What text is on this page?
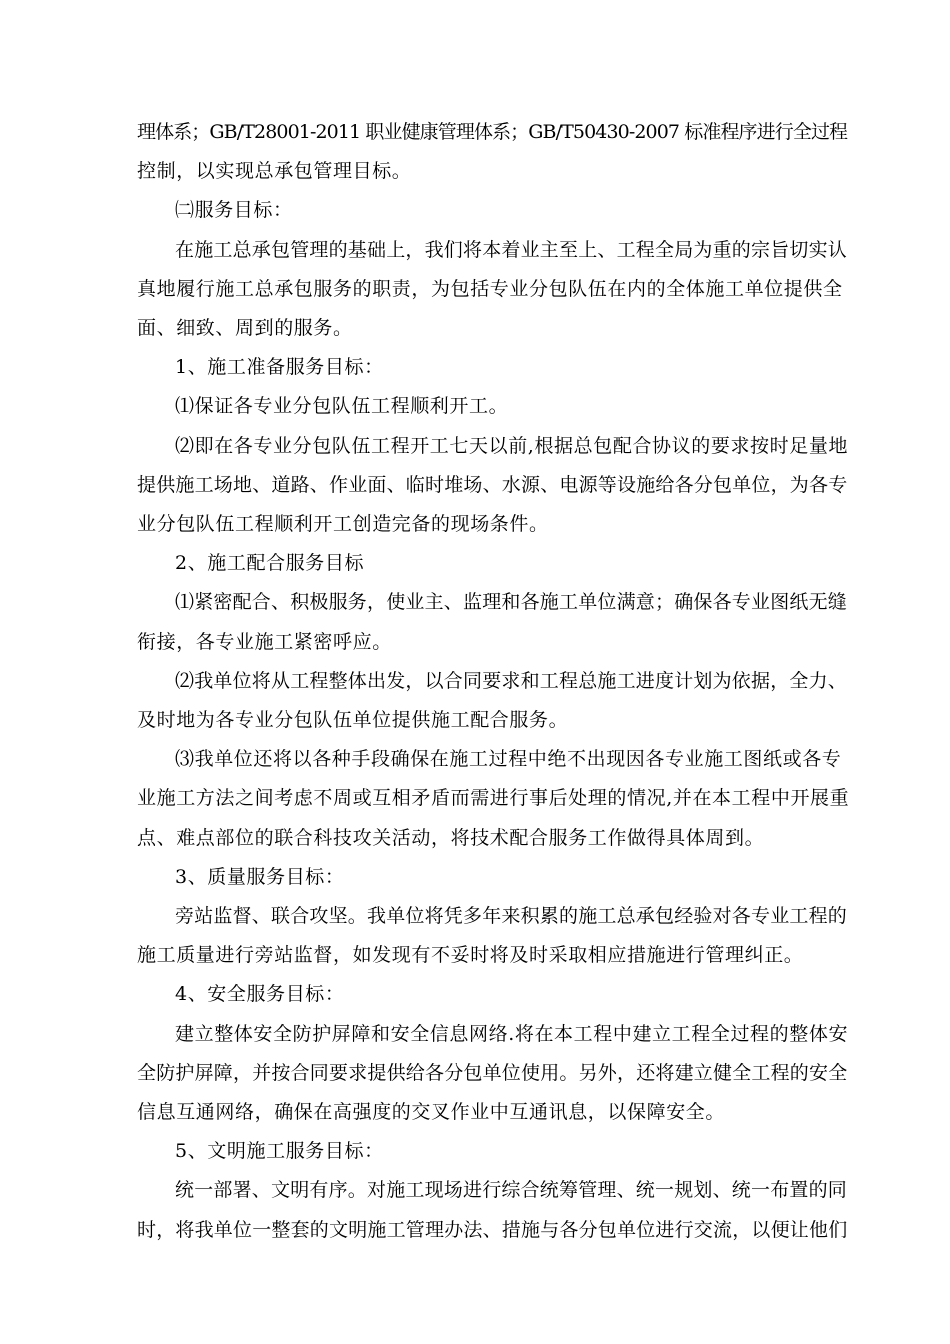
理体系；GB/T28001-2011 职业健康管理体系；GB/T50430-2007 标准程序进行全过程
控制，以实现总承包管理目标。
㈡服务目标：
在施工总承包管理的基础上，我们将本着业主至上、工程全局为重的宗旨切实认
真地履行施工总承包服务的职责，为包括专业分包队伍在内的全体施工单位提供全
面、细致、周到的服务。
1、施工准备服务目标：
⑴保证各专业分包队伍工程顺利开工。
⑵即在各专业分包队伍工程开工七天以前,根据总包配合协议的要求按时足量地
提供施工场地、道路、作业面、临时堆场、水源、电源等设施给各分包单位，为各专
业分包队伍工程顺利开工创造完备的现场条件。
2、施工配合服务目标
⑴紧密配合、积极服务，使业主、监理和各施工单位满意；确保各专业图纸无缝
衔接，各专业施工紧密呼应。
⑵我单位将从工程整体出发，以合同要求和工程总施工进度计划为依据，全力、
及时地为各专业分包队伍单位提供施工配合服务。
⑶我单位还将以各种手段确保在施工过程中绝不出现因各专业施工图纸或各专
业施工方法之间考虑不周或互相矛盾而需进行事后处理的情况,并在本工程中开展重
点、难点部位的联合科技攻关活动，将技术配合服务工作做得具体周到。
3、质量服务目标：
旁站监督、联合攻坚。我单位将凭多年来积累的施工总承包经验对各专业工程的
施工质量进行旁站监督，如发现有不妥时将及时采取相应措施进行管理纠正。
4、安全服务目标：
建立整体安全防护屏障和安全信息网络.将在本工程中建立工程全过程的整体安
全防护屏障，并按合同要求提供给各分包单位使用。另外，还将建立健全工程的安全
信息互通网络，确保在高强度的交叉作业中互通讯息，以保障安全。
5、文明施工服务目标：
统一部署、文明有序。对施工现场进行综合统筹管理、统一规划、统一布置的同
时，将我单位一整套的文明施工管理办法、措施与各分包单位进行交流，以便让他们
